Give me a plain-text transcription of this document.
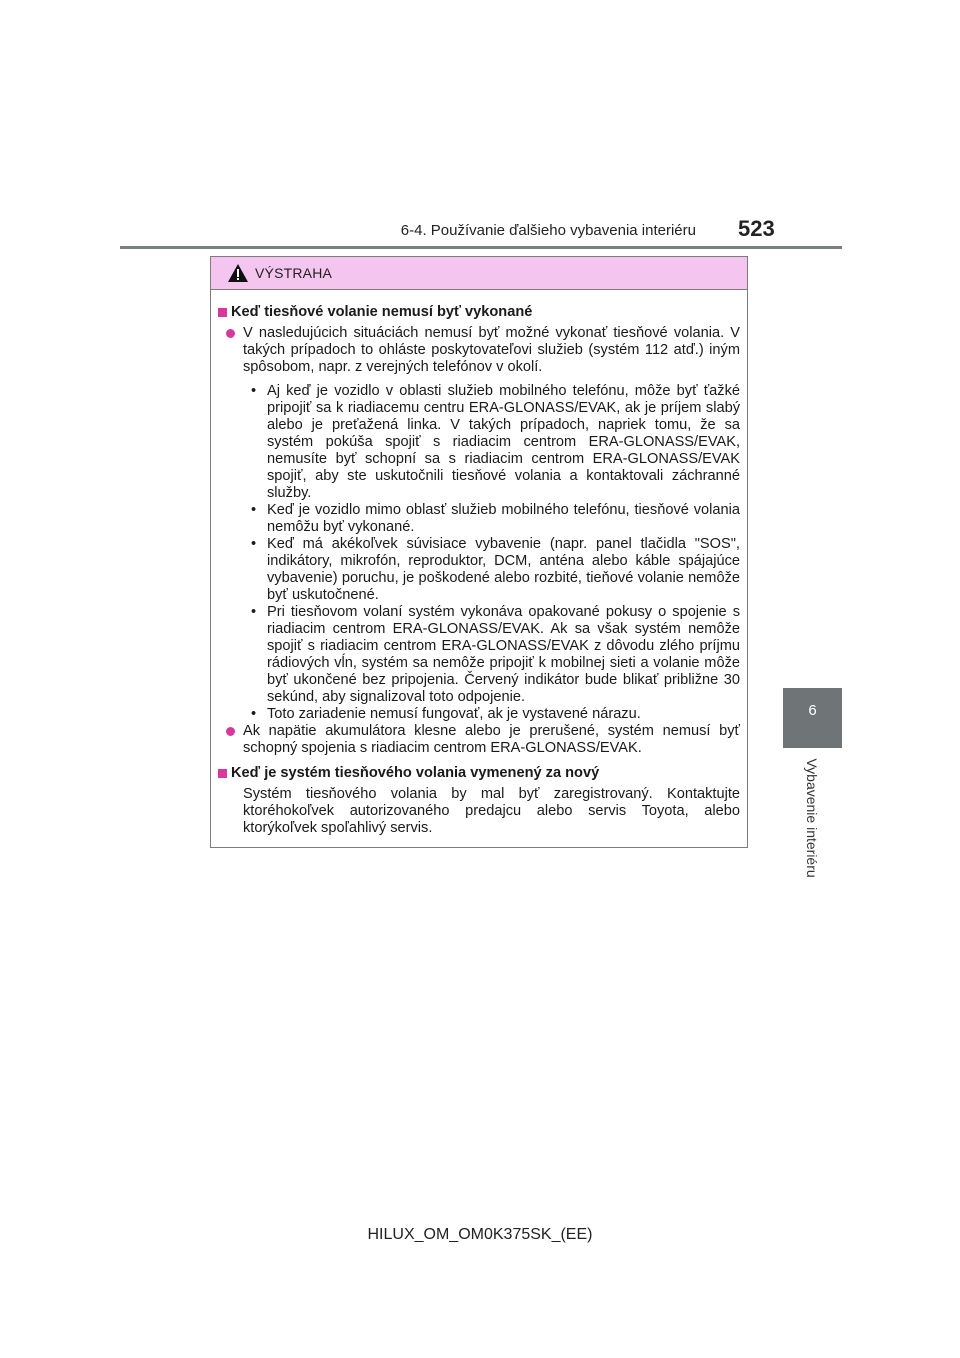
6-4. Používanie ďalšieho vybavenia interiéru 523
6
Vybavenie interiéru
VÝSTRAHA
Keď tiesňové volanie nemusí byť vykonané
V nasledujúcich situáciách nemusí byť možné vykonať tiesňové volania. V takých prípadoch to ohláste poskytovateľovi služieb (systém 112 atď.) iným spôsobom, napr. z verejných telefónov v okolí.
• Aj keď je vozidlo v oblasti služieb mobilného telefónu, môže byť ťažké pripojiť sa k riadiacemu centru ERA-GLONASS/EVAK, ak je príjem slabý alebo je preťažená linka. V takých prípadoch, napriek tomu, že sa systém pokúša spojiť s riadiacim centrom ERA-GLONASS/EVAK, nemusíte byť schopní sa s riadiacim centrom ERA-GLONASS/EVAK spojiť, aby ste uskutočnili tiesňové volania a kontaktovali záchranné služby.
• Keď je vozidlo mimo oblasť služieb mobilného telefónu, tiesňové volania nemôžu byť vykonané.
• Keď má akékoľvek súvisiace vybavenie (napr. panel tlačidla "SOS", indikátory, mikrofón, reproduktor, DCM, anténa alebo káble spájajúce vybavenie) poruchu, je poškodené alebo rozbité, tieňové volanie nemôže byť uskutočnené.
• Pri tiesňovom volaní systém vykonáva opakované pokusy o spojenie s riadiacim centrom ERA-GLONASS/EVAK. Ak sa však systém nemôže spojiť s riadiacim centrom ERA-GLONASS/EVAK z dôvodu zlého príjmu rádiových vĺn, systém sa nemôže pripojiť k mobilnej sieti a volanie môže byť ukončené bez pripojenia. Červený indikátor bude blikať približne 30 sekúnd, aby signalizoval toto odpojenie.
• Toto zariadenie nemusí fungovať, ak je vystavené nárazu.
Ak napätie akumulátora klesne alebo je prerušené, systém nemusí byť schopný spojenia s riadiacim centrom ERA-GLONASS/EVAK.
Keď je systém tiesňového volania vymenený za nový
Systém tiesňového volania by mal byť zaregistrovaný. Kontaktujte ktoréhokoľvek autorizovaného predajcu alebo servis Toyota, alebo ktorýkoľvek spoľahlivý servis.
HILUX_OM_OM0K375SK_(EE)
